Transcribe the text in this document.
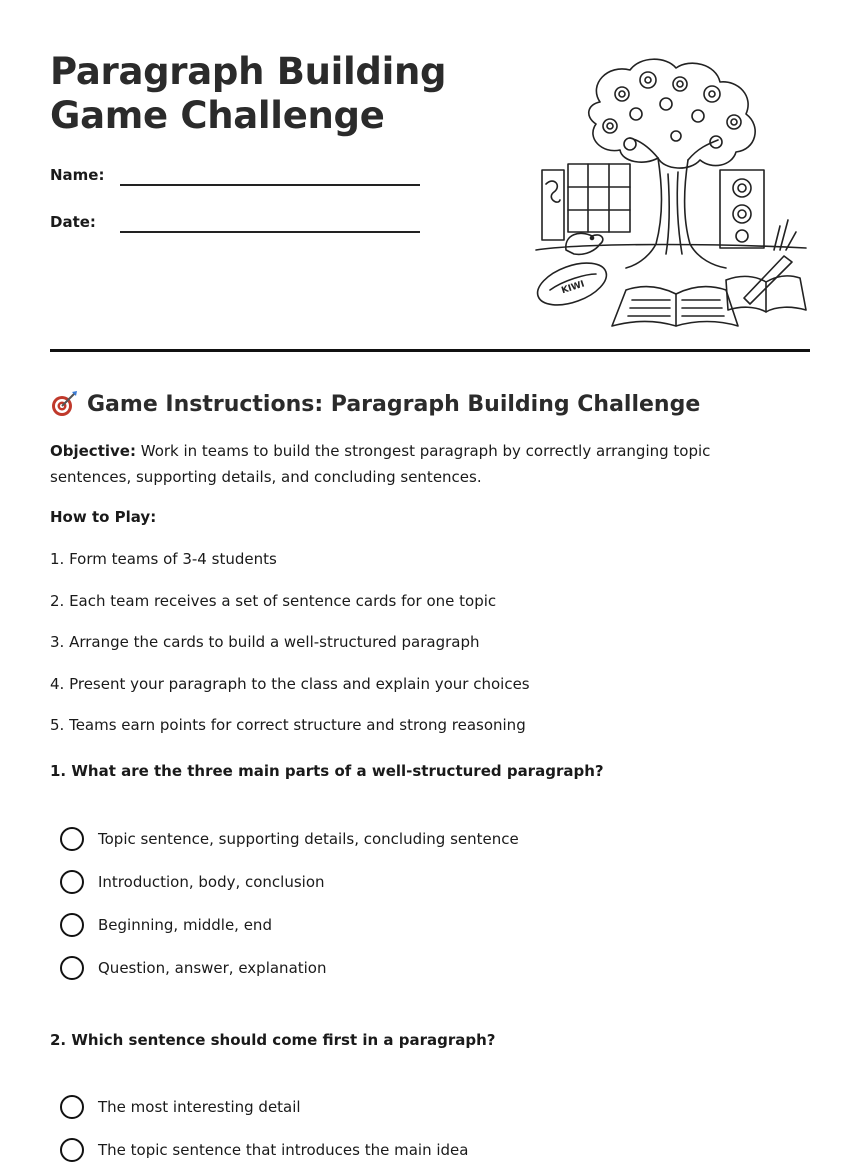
Paragraph Building
Game Challenge
Name:
Date:
KIWI
Game Instructions: Paragraph Building Challenge

Objective: Work in teams to build the strongest paragraph by correctly arranging topic sentences, supporting details, and concluding sentences.

How to Play:

1. Form teams of 3-4 students
2. Each team receives a set of sentence cards for one topic
3. Arrange the cards to build a well-structured paragraph
4. Present your paragraph to the class and explain your choices
5. Teams earn points for correct structure and strong reasoning

1. What are the three main parts of a well-structured paragraph?

Topic sentence, supporting details, concluding sentence
Introduction, body, conclusion
Beginning, middle, end
Question, answer, explanation

2. Which sentence should come first in a paragraph?

The most interesting detail
The topic sentence that introduces the main idea
